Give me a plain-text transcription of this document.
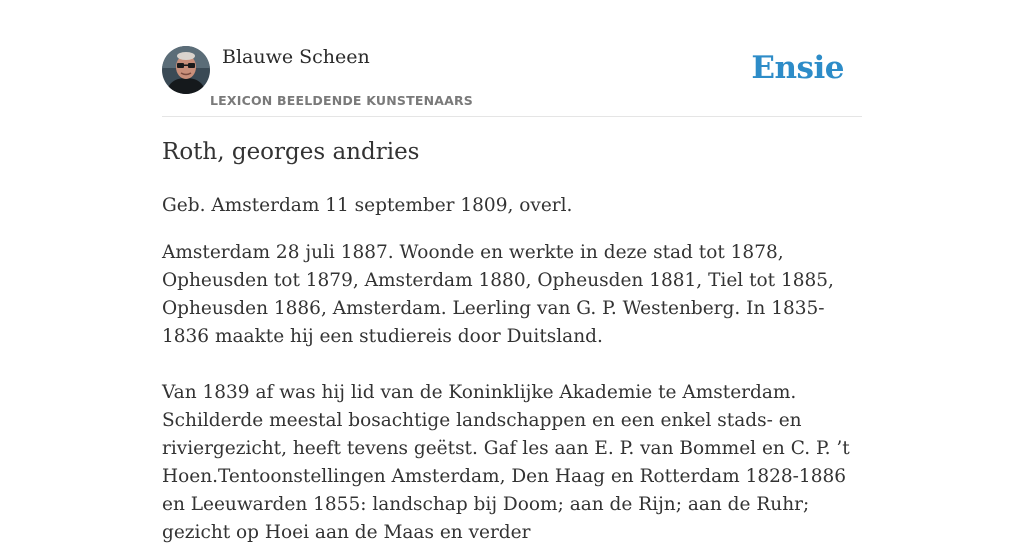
Blauwe Scheen
LEXICON BEELDENDE KUNSTENAARS
Ensie
Roth, georges andries

Geb. Amsterdam 11 september 1809, overl.

Amsterdam 28 juli 1887. Woonde en werkte in deze stad tot 1878, Opheusden tot 1879, Amsterdam 1880, Opheusden 1881, Tiel tot 1885, Opheusden 1886, Amsterdam. Leerling van G. P. Westenberg. In 1835-1836 maakte hij een studiereis door Duitsland.

Van 1839 af was hij lid van de Koninklijke Akademie te Amsterdam. Schilderde meestal bosachtige landschappen en een enkel stads- en riviergezicht, heeft tevens geëtst. Gaf les aan E. P. van Bommel en C. P. ’t Hoen.Tentoonstellingen Amsterdam, Den Haag en Rotterdam 1828-1886 en Leeuwarden 1855: landschap bij Doom; aan de Rijn; aan de Ruhr; gezicht op Hoei aan de Maas en verder
